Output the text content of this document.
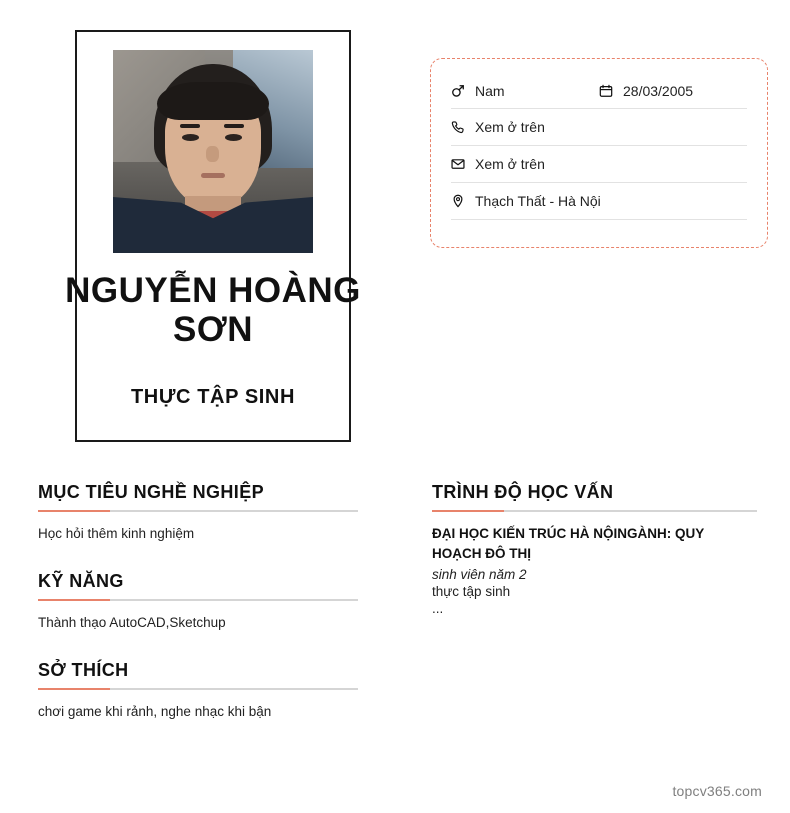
NGUYỄN HOÀNG SƠN
THỰC TẬP SINH
Nam	28/03/2005
Xem ở trên
Xem ở trên
Thạch Thất - Hà Nội
MỤC TIÊU NGHỀ NGHIỆP
Học hỏi thêm kinh nghiệm
KỸ NĂNG
Thành thạo AutoCAD,Sketchup
SỞ THÍCH
chơi game khi rảnh, nghe nhạc khi bận
TRÌNH ĐỘ HỌC VẤN
ĐẠI HỌC KIẾN TRÚC HÀ NỘINGÀNH: QUY HOẠCH ĐÔ THỊ
sinh viên năm 2
thực tập sinh
...
topcv365.com
